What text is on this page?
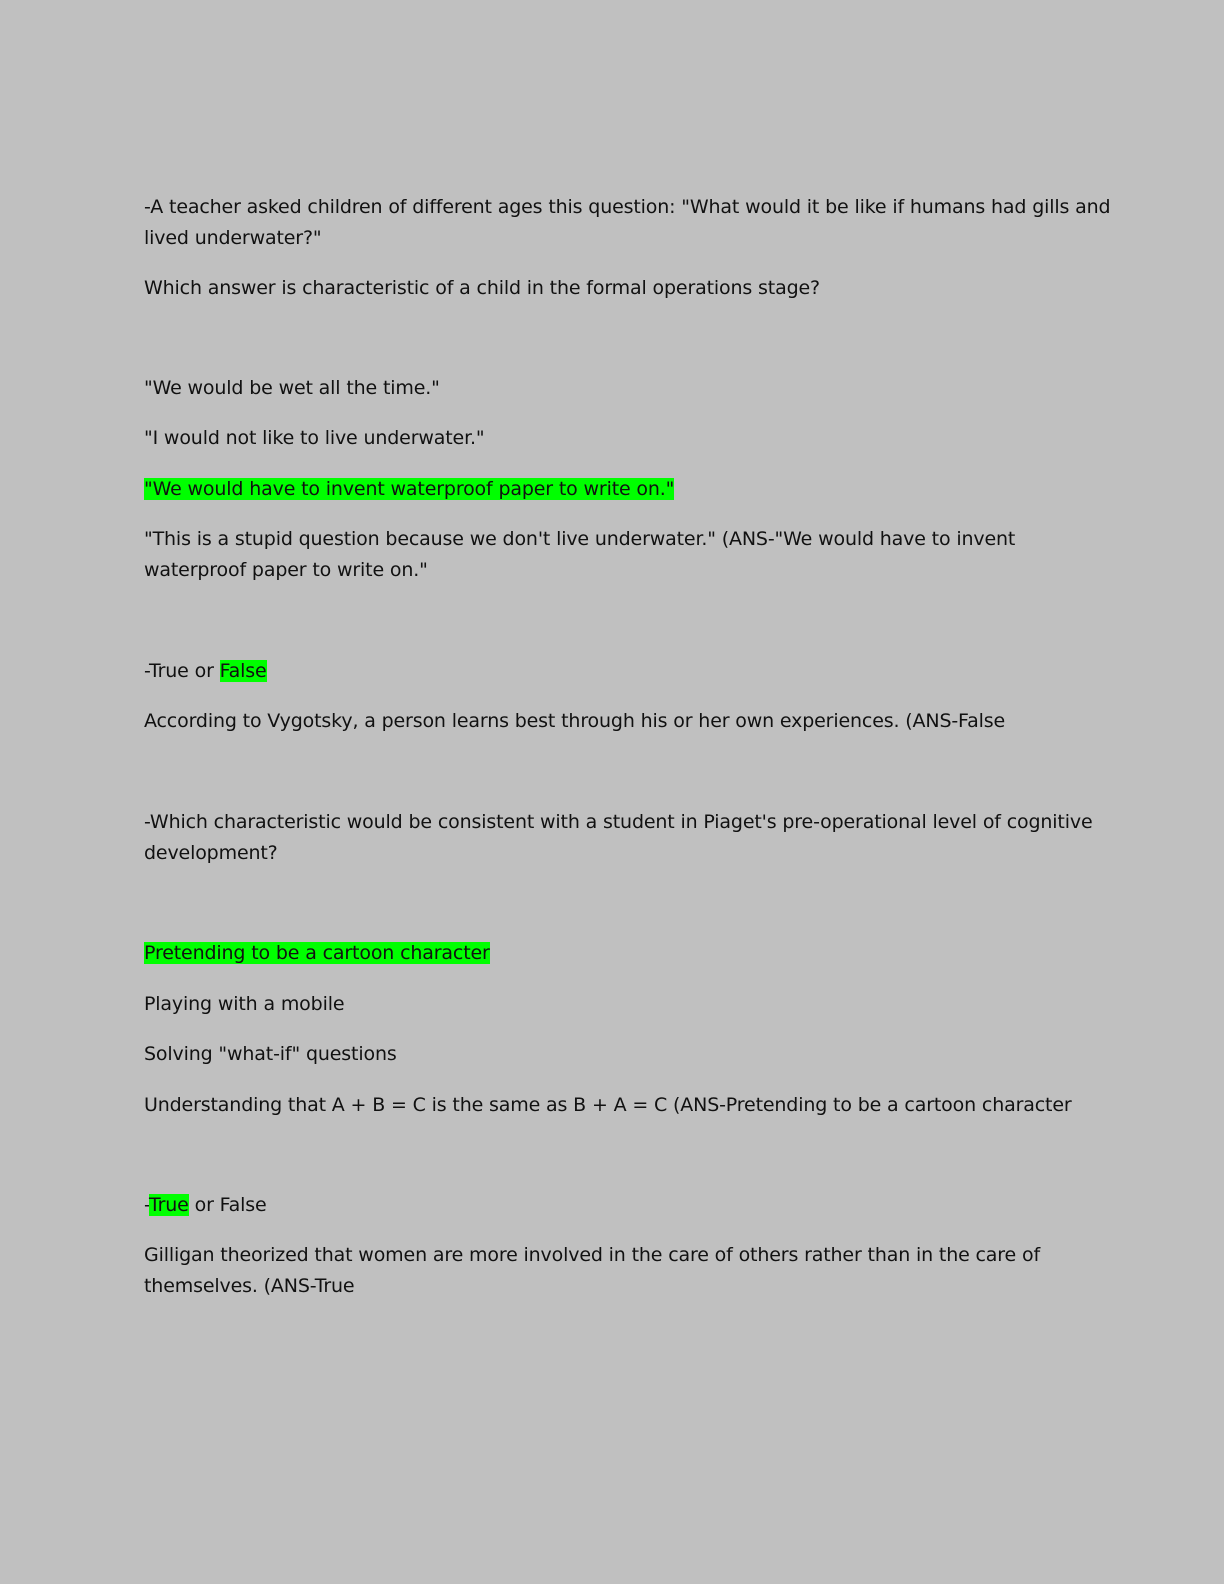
-A teacher asked children of different ages this question: "What would it be like if humans had gills and

lived underwater?"

Which answer is characteristic of a child in the formal operations stage?

"We would be wet all the time."

"I would not like to live underwater."

"We would have to invent waterproof paper to write on."

"This is a stupid question because we don't live underwater." (ANS-"We would have to invent

waterproof paper to write on."

-True or False

According to Vygotsky, a person learns best through his or her own experiences. (ANS-False

-Which characteristic would be consistent with a student in Piaget's pre-operational level of cognitive

development?

Pretending to be a cartoon character

Playing with a mobile

Solving "what-if" questions

Understanding that A + B = C is the same as B + A = C (ANS-Pretending to be a cartoon character

-True or False

Gilligan theorized that women are more involved in the care of others rather than in the care of

themselves. (ANS-True
